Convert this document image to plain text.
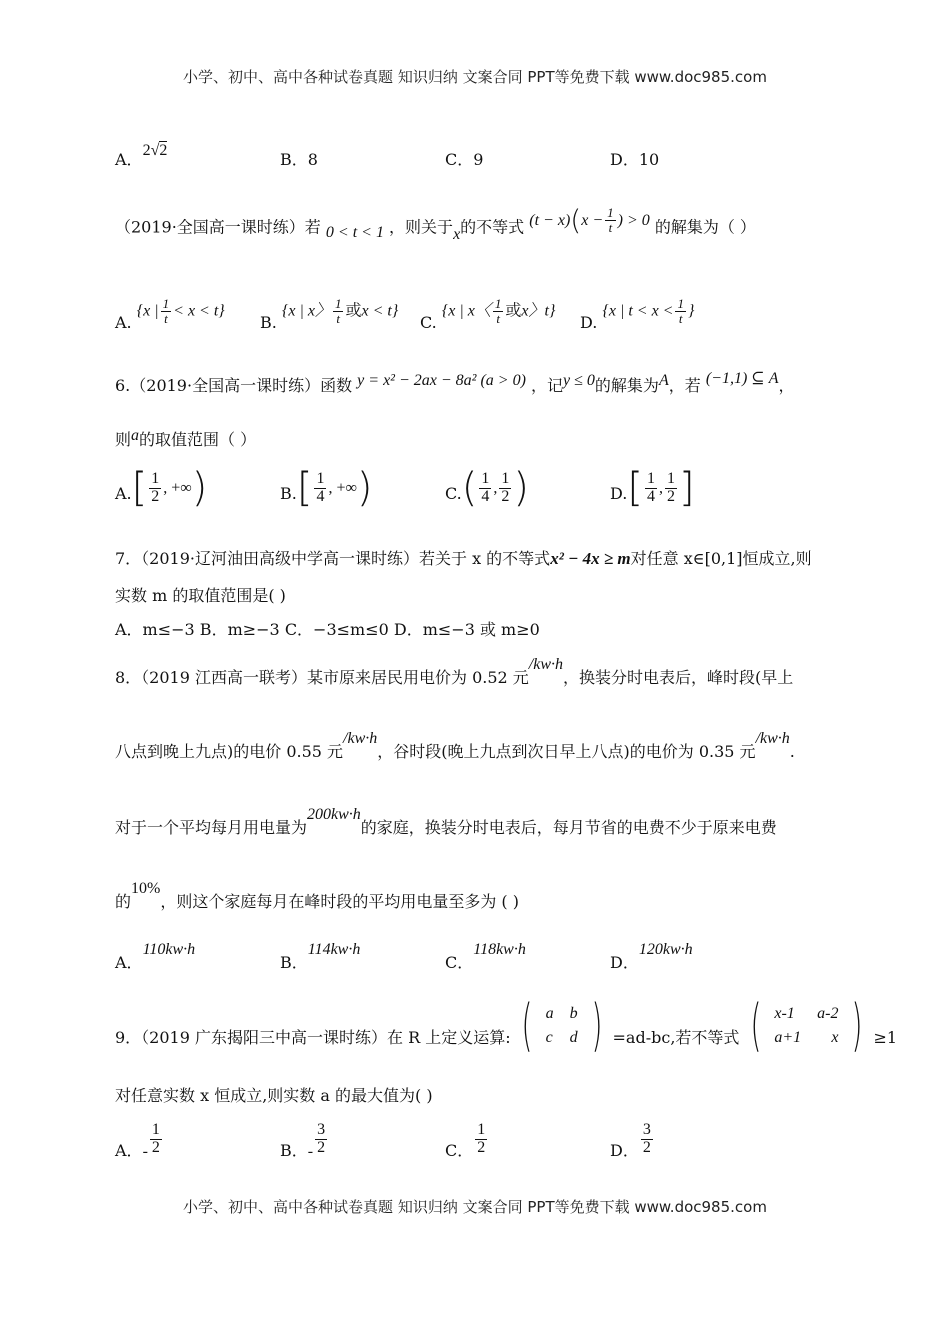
小学、初中、高中各种试卷真题 知识归纳 文案合同 PPT等免费下载 www.doc985.com
A．2√2	B．8	C．9	D．10
（2019·全国高一课时练）若 0 < t < 1 ，则关于x的不等式 $(t - x)(x - \frac{1}{t}$ ) > 0 的解集为（ ）
A. {x | $\frac{1}{t} < x < t$}
B. {x | x〉 $\frac{1}{t}$ 或x < t}
C. {x | x〈 $\frac{1}{t}$ 或x〉t}
D. {x | $t < x < \frac{1}{t}$ }
6.（2019·全国高一课时练）函数 y = x² − 2ax − 8a² (a > 0) ，记y ≤ 0的解集为A，若 (−1,1) ⊆ A，
则a的取值范围（ ）
$A.[ \frac{1}{2}$ , +∞)	$B.[ \frac{1}{4}$ , +∞)	$C.( \frac{1}{4}$ , $\frac{1}{2}$ )	$D.[ \frac{1}{4}$ , $\frac{1}{2}$ ]
7．（2019·辽河油田高级中学高一课时练）若关于 x 的不等式x² − 4x ≥ m对任意 x∈[0,1]恒成立,则
实数 m 的取值范围是( )
A．m≤−3 B．m≥−3 C．−3≤m≤0 D．m≤−3 或 m≥0
8．（2019 江西高一联考）某市原来居民用电价为 0.52 元/kw·h，换装分时电表后，峰时段(早上
八点到晚上九点)的电价 0.55 元/kw·h，谷时段(晚上九点到次日早上八点)的电价为 0.35 元/kw·h.
对于一个平均每月用电量为200kw·h的家庭，换装分时电表后，每月节省的电费不少于原来电费
的10%，则这个家庭每月在峰时段的平均用电量至多为 ( )
A．110kw·h
B．114kw·h
C．118kw·h
D．120kw·h
9．（2019 广东揭阳三中高一课时练）在 R 上定义运算: ( a	b
c	d ) =ad-bc,若不等式 ( x-1	a-2
a+1	x ) ≥1
对任意实数 x 恒成立,则实数 a 的最大值为( )
A．- $\frac{1}{2}$	B．- $\frac{3}{2}$	C． $\frac{1}{2}$	D． $\frac{3}{2}$
小学、初中、高中各种试卷真题 知识归纳 文案合同 PPT等免费下载 www.doc985.com
